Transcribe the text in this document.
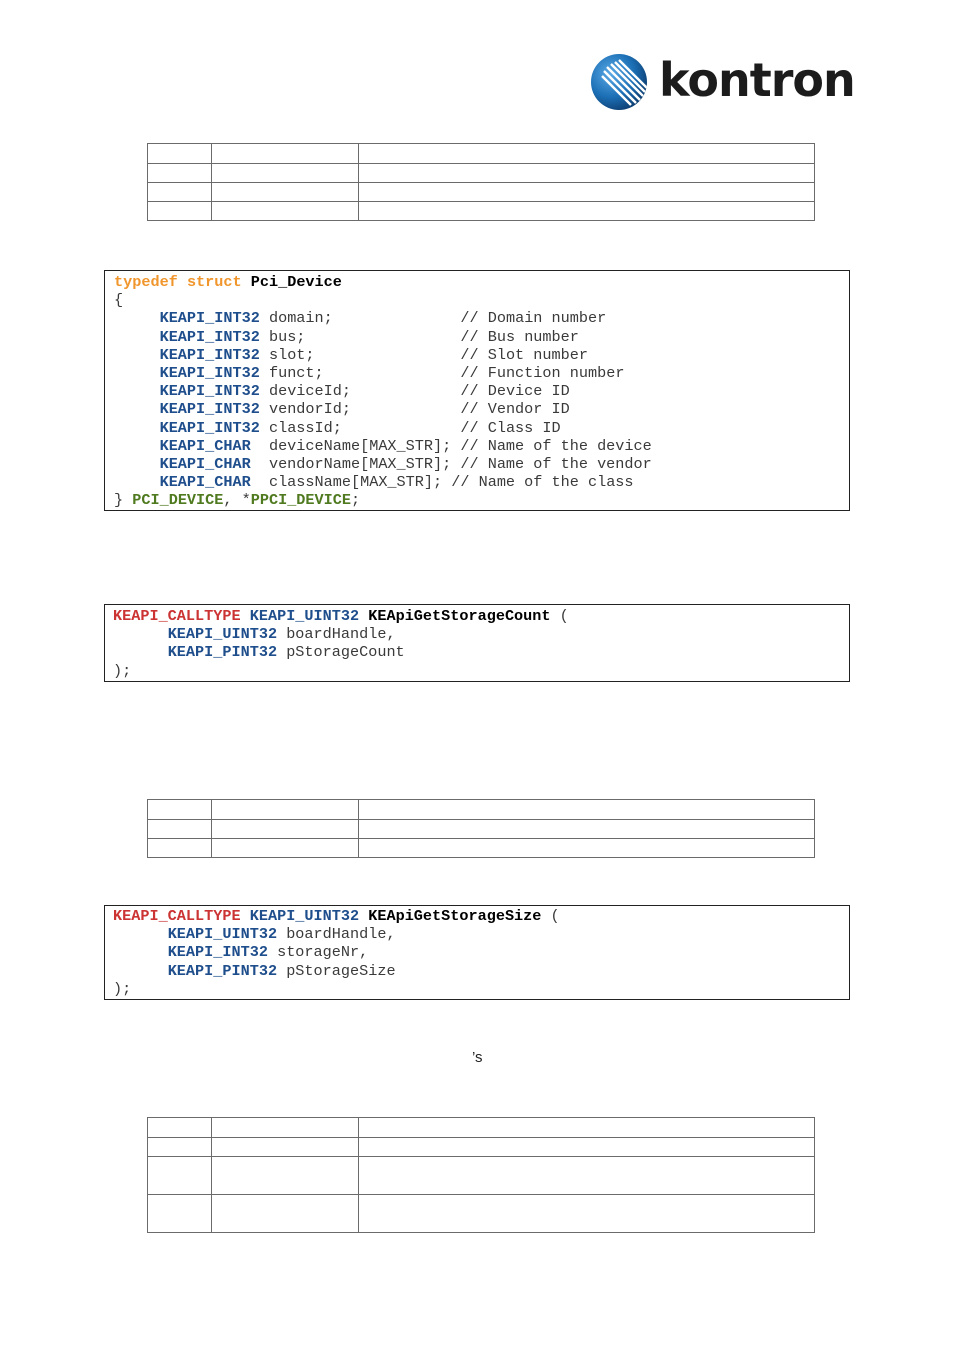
kontron

typedef struct Pci_Device
{
KEAPI_INT32 domain;	// Domain number
KEAPI_INT32 bus;	// Bus number
KEAPI_INT32 slot;	// Slot number
KEAPI_INT32 funct;	// Function number
KEAPI_INT32 deviceId;	// Device ID
KEAPI_INT32 vendorId;	// Vendor ID
KEAPI_INT32 classId;	// Class ID
KEAPI_CHAR deviceName[MAX_STR]; // Name of the device
KEAPI_CHAR vendorName[MAX_STR]; // Name of the vendor
KEAPI_CHAR className[MAX_STR]; // Name of the class
} PCI_DEVICE, *PPCI_DEVICE;
KEAPI_CALLTYPE KEAPI_UINT32 KEApiGetStorageCount (
KEAPI_UINT32 boardHandle,
KEAPI_PINT32 pStorageCount
);

KEAPI_CALLTYPE KEAPI_UINT32 KEApiGetStorageSize (
KEAPI_UINT32 boardHandle,
KEAPI_INT32 storageNr,
KEAPI_PINT32 pStorageSize
);
’s
